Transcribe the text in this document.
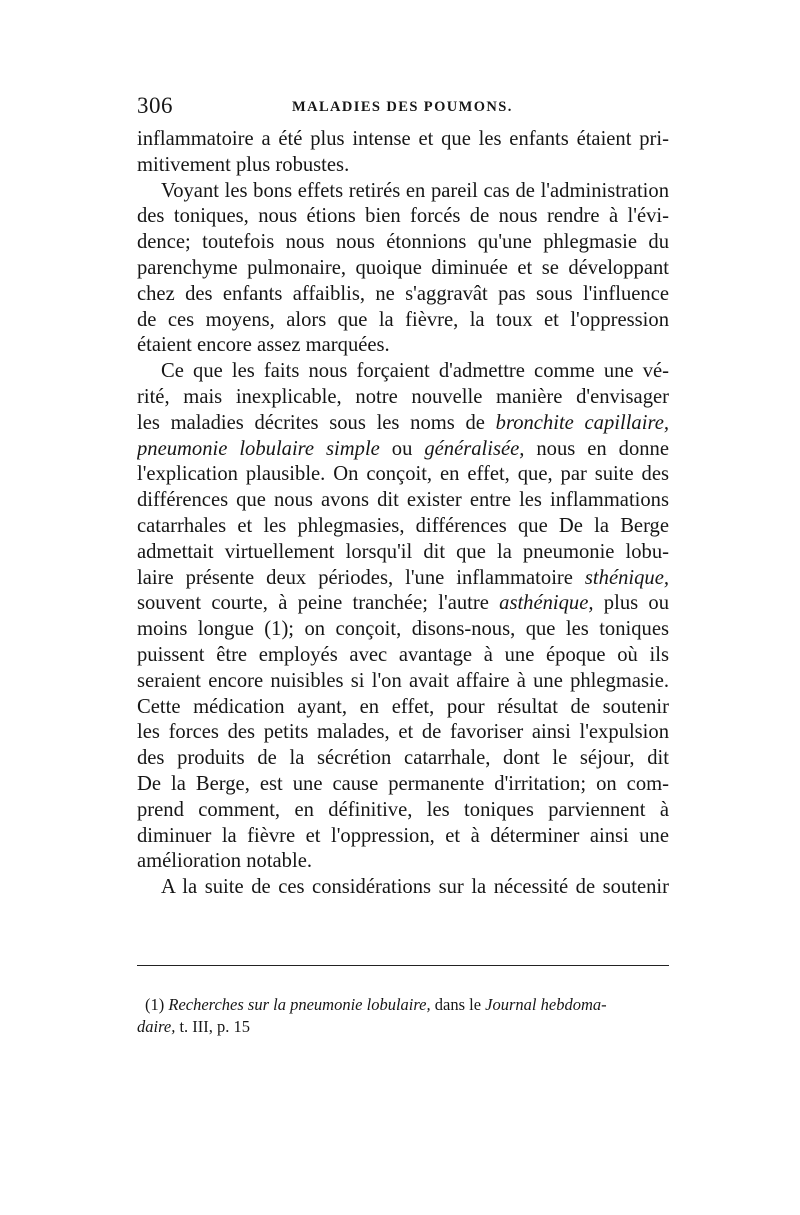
306	MALADIES DES POUMONS.
inflammatoire a été plus intense et que les enfants étaient pri-
mitivement plus robustes.
Voyant les bons effets retirés en pareil cas de l'administration
des toniques, nous étions bien forcés de nous rendre à l'évi-
dence; toutefois nous nous étonnions qu'une phlegmasie du
parenchyme pulmonaire, quoique diminuée et se développant
chez des enfants affaiblis, ne s'aggravât pas sous l'influence
de ces moyens, alors que la fièvre, la toux et l'oppression
étaient encore assez marquées.
Ce que les faits nous forçaient d'admettre comme une vé-
rité, mais inexplicable, notre nouvelle manière d'envisager
les maladies décrites sous les noms de bronchite capillaire,
pneumonie lobulaire simple ou généralisée, nous en donne
l'explication plausible. On conçoit, en effet, que, par suite des
différences que nous avons dit exister entre les inflammations
catarrhales et les phlegmasies, différences que De la Berge
admettait virtuellement lorsqu'il dit que la pneumonie lobu-
laire présente deux périodes, l'une inflammatoire sthénique,
souvent courte, à peine tranchée; l'autre asthénique, plus ou
moins longue (1); on conçoit, disons-nous, que les toniques
puissent être employés avec avantage à une époque où ils
seraient encore nuisibles si l'on avait affaire à une phlegmasie.
Cette médication ayant, en effet, pour résultat de soutenir
les forces des petits malades, et de favoriser ainsi l'expulsion
des produits de la sécrétion catarrhale, dont le séjour, dit
De la Berge, est une cause permanente d'irritation; on com-
prend comment, en définitive, les toniques parviennent à
diminuer la fièvre et l'oppression, et à déterminer ainsi une
amélioration notable.
A la suite de ces considérations sur la nécessité de soutenir
(1) Recherches sur la pneumonie lobulaire, dans le Journal hebdoma-
daire, t. III, p. 15
